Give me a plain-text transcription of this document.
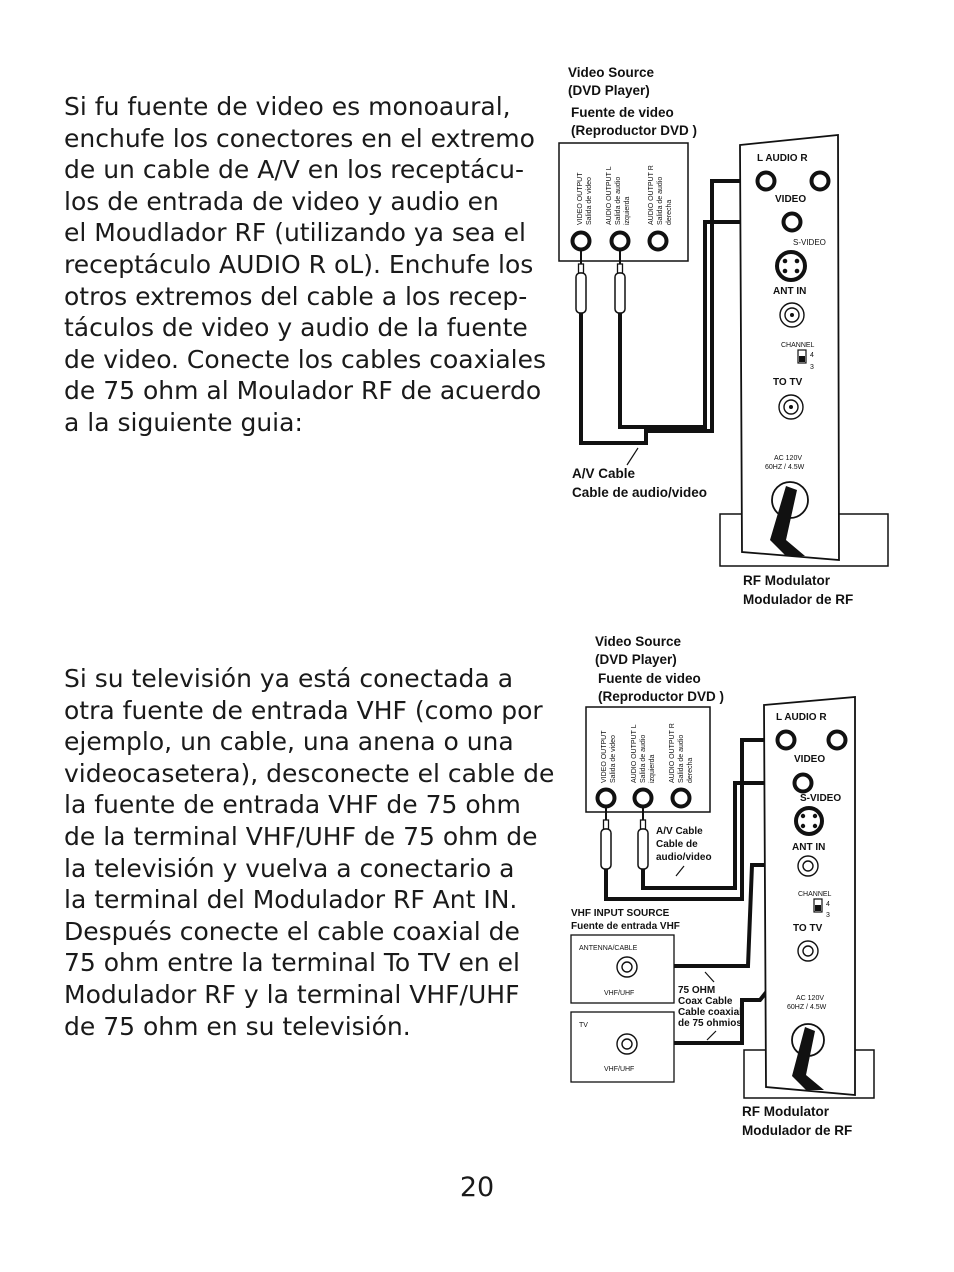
Si fu fuente de video es monoaural,
enchufe los conectores en el extremo
de un cable de A/V en los receptácu-
los de entrada de video y audio en
el Moudlador RF (utilizando ya sea el
receptáculo AUDIO R oL). Enchufe los
otros extremos del cable a los recep-
táculos de video y audio de la fuente
de video. Conecte los cables coaxiales
de 75 ohm al Moulador RF de acuerdo
a la siguiente guia:
Si su televisión ya está conectada a
otra fuente de entrada VHF (como por
ejemplo, un cable, una anena o una
videocasetera), desconecte el cable de
la fuente de entrada VHF de 75 ohm
de la terminal VHF/UHF de 75 ohm de
la televisión y vuelva a conectario a
la terminal del Modulador RF Ant IN.
Después conecte el cable coaxial de
75 ohm entre la terminal To TV en el
Modulador RF y la terminal VHF/UHF
de 75 ohm en su televisión.
20
Video Source
(DVD Player)
Fuente de video
(Reproductor DVD )
VIDEO OUTPUT Salida de video AUDIO OUTPUT L Salida de audio izquierda AUDIO OUTPUT R Salida de audio derecha
A/V Cable
Cable de audio/video
L AUDIO R
VIDEO
S-VIDEO
ANT IN
CHANNEL
4
3
TO TV
AC 120V
60HZ / 4.5W
RF Modulator
Modulador de RF
Video Source
(DVD Player)
Fuente de video
(Reproductor DVD )
VIDEO OUTPUT Salida de video AUDIO OUTPUT L Salida de audio izquierda AUDIO OUTPUT R Salida de audio derecha
A/V Cable
Cable de
audio/video
VHF INPUT SOURCE
Fuente de entrada VHF
ANTENNA/CABLE
VHF/UHF
TV
VHF/UHF
75 OHM
Coax Cable
Cable coaxial
de 75 ohmios
L AUDIO R
VIDEO
S-VIDEO
ANT IN
CHANNEL
4
3
TO TV
AC 120V
60HZ / 4.5W
RF Modulator
Modulador de RF
